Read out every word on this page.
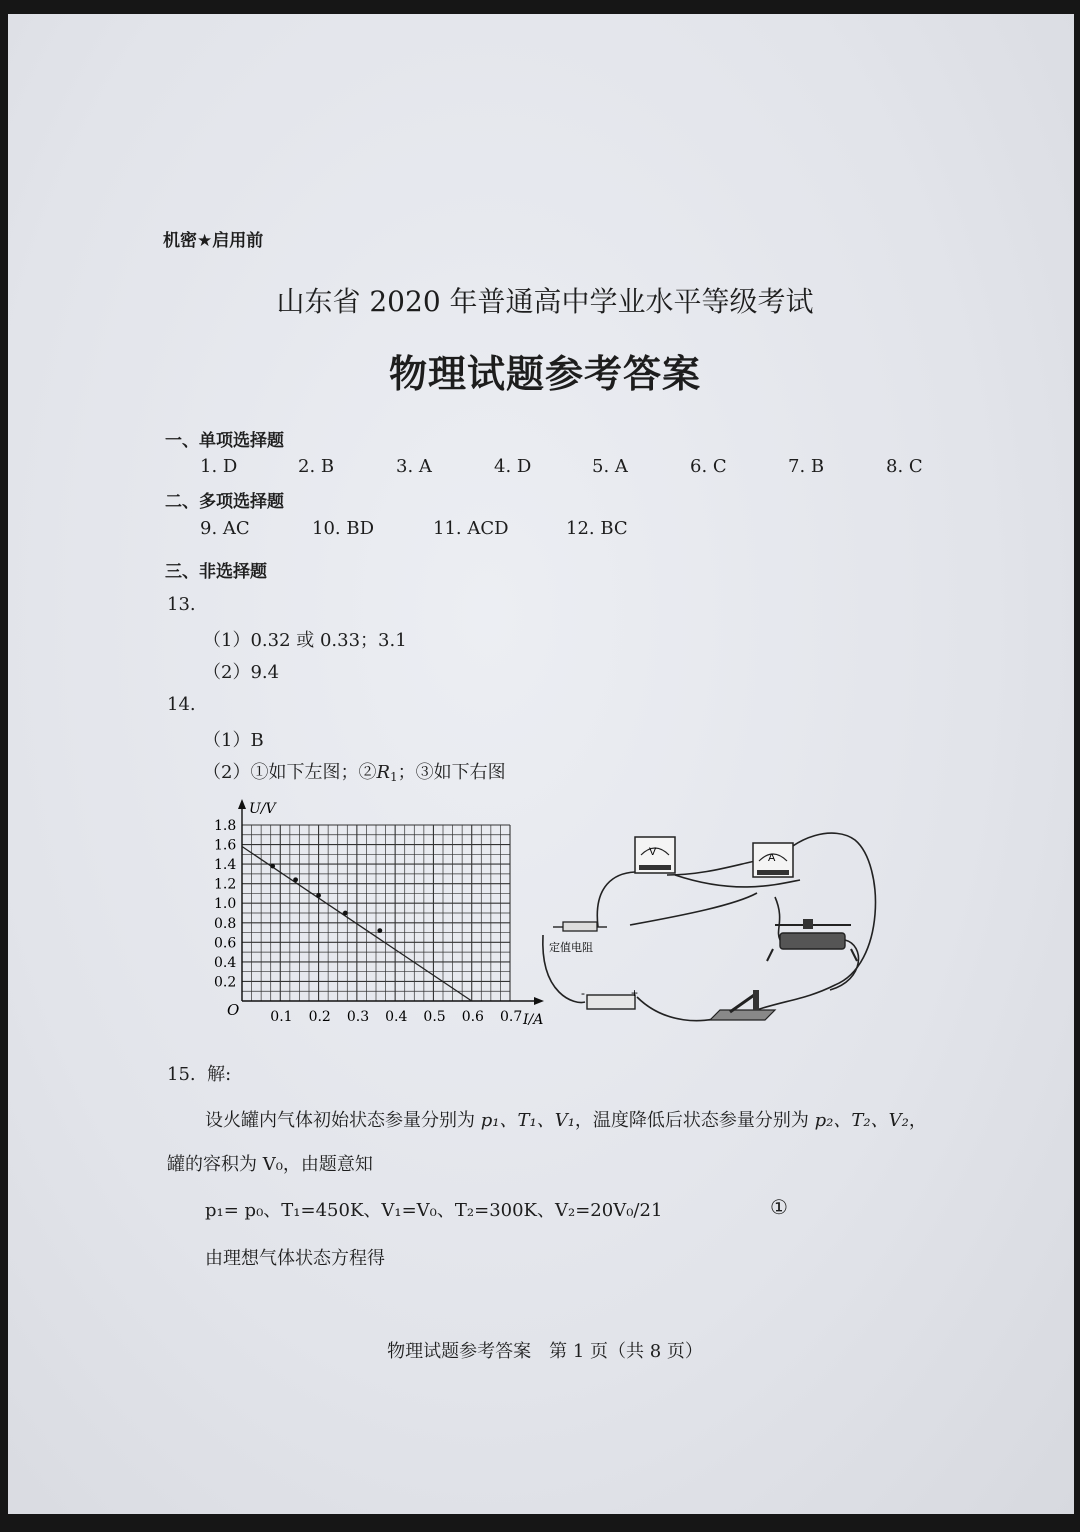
机密★启用前
山东省 2020 年普通高中学业水平等级考试
物理试题参考答案
一、单项选择题
1. D	2. B	3. A	4. D	5. A	6. C	7. B	8. C
二、多项选择题
9. AC	10. BD	11. ACD	12. BC
三、非选择题
13.
（1）0.32 或 0.33；3.1
（2）9.4
14.
（1）B
（2）①如下左图；$②R_1$；③如下右图
0.1 0.2 0.3 0.4 0.5 0.6 0.7
0.2
0.4
0.6
0.8
1.0
1.2
1.4
1.6
1.8
U/V
I/A
O
V	A
定值电阻
-	+
15. 解:
设火罐内气体初始状态参量分别为 p₁、T₁、V₁，温度降低后状态参量分别为 p₂、T₂、V₂，
罐的容积为 V₀，由题意知
p₁= p₀、T₁=450K、V₁=V₀、T₂=300K、V₂=20V₀/21	①
由理想气体状态方程得
物理试题参考答案　第 1 页（共 8 页）
